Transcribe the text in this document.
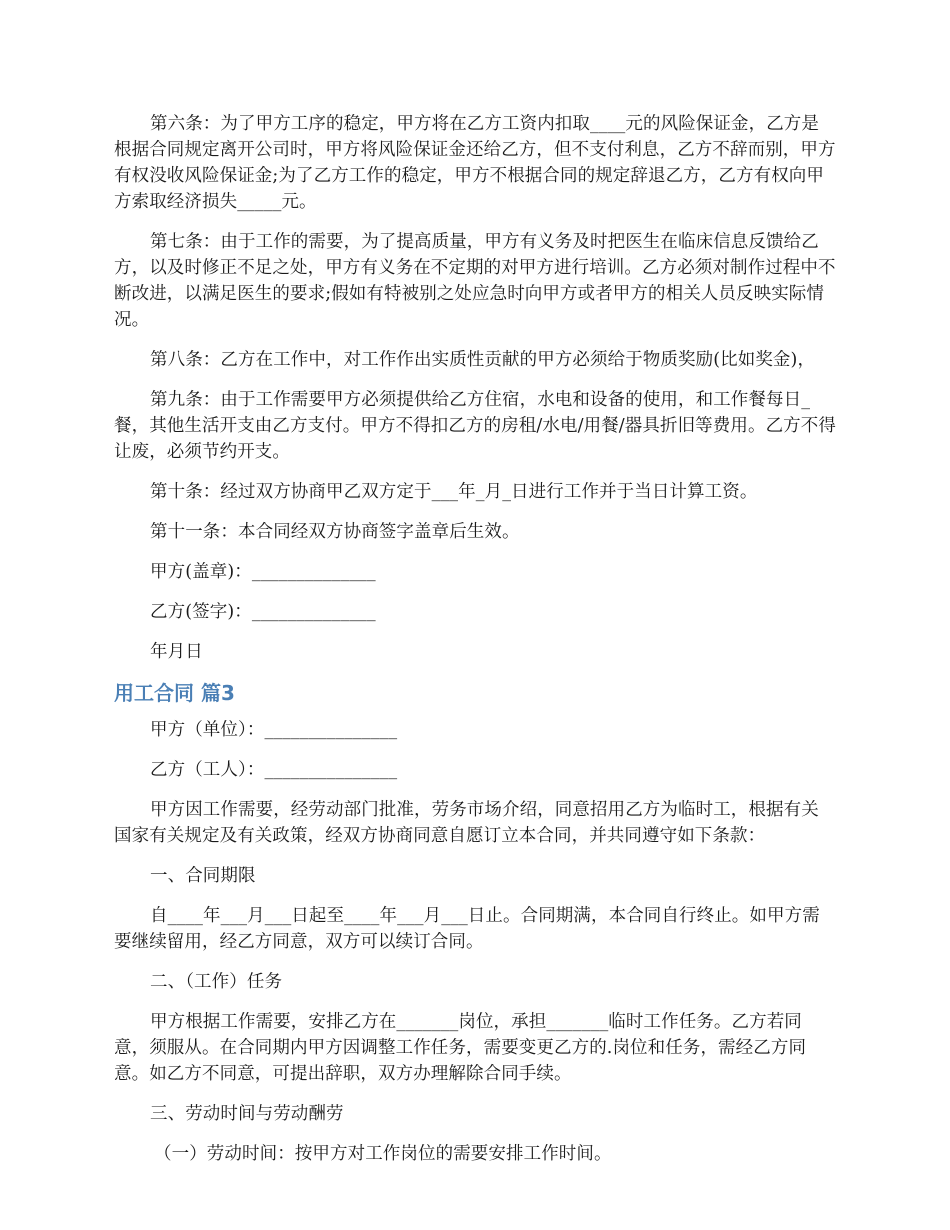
第六条：为了甲方工序的稳定，甲方将在乙方工资内扣取____元的风险保证金，乙方是根据合同规定离开公司时，甲方将风险保证金还给乙方，但不支付利息，乙方不辞而别，甲方有权没收风险保证金;为了乙方工作的稳定，甲方不根据合同的规定辞退乙方，乙方有权向甲方索取经济损失_____元。

第七条：由于工作的需要，为了提高质量，甲方有义务及时把医生在临床信息反馈给乙方，以及时修正不足之处，甲方有义务在不定期的对甲方进行培训。乙方必须对制作过程中不断改进，以满足医生的要求;假如有特被别之处应急时向甲方或者甲方的相关人员反映实际情况。

第八条：乙方在工作中，对工作作出实质性贡献的甲方必须给于物质奖励(比如奖金)，

第九条：由于工作需要甲方必须提供给乙方住宿，水电和设备的使用，和工作餐每日_餐，其他生活开支由乙方支付。甲方不得扣乙方的房租/水电/用餐/器具折旧等费用。乙方不得让废，必须节约开支。

第十条：经过双方协商甲乙双方定于___年_月_日进行工作并于当日计算工资。

第十一条：本合同经双方协商签字盖章后生效。

甲方(盖章)：______________

乙方(签字)：______________

年月日

用工合同 篇3

甲方（单位）：_______________

乙方（工人）：_______________

甲方因工作需要，经劳动部门批准，劳务市场介绍，同意招用乙方为临时工，根据有关国家有关规定及有关政策，经双方协商同意自愿订立本合同，并共同遵守如下条款：

一、合同期限

自____年___月___日起至____年___月___日止。合同期满，本合同自行终止。如甲方需要继续留用，经乙方同意，双方可以续订合同。

二、（工作）任务

甲方根据工作需要，安排乙方在_______岗位，承担_______临时工作任务。乙方若同意，须服从。在合同期内甲方因调整工作任务，需要变更乙方的.岗位和任务，需经乙方同意。如乙方不同意，可提出辞职，双方办理解除合同手续。

三、劳动时间与劳动酬劳

（一）劳动时间：按甲方对工作岗位的需要安排工作时间。
